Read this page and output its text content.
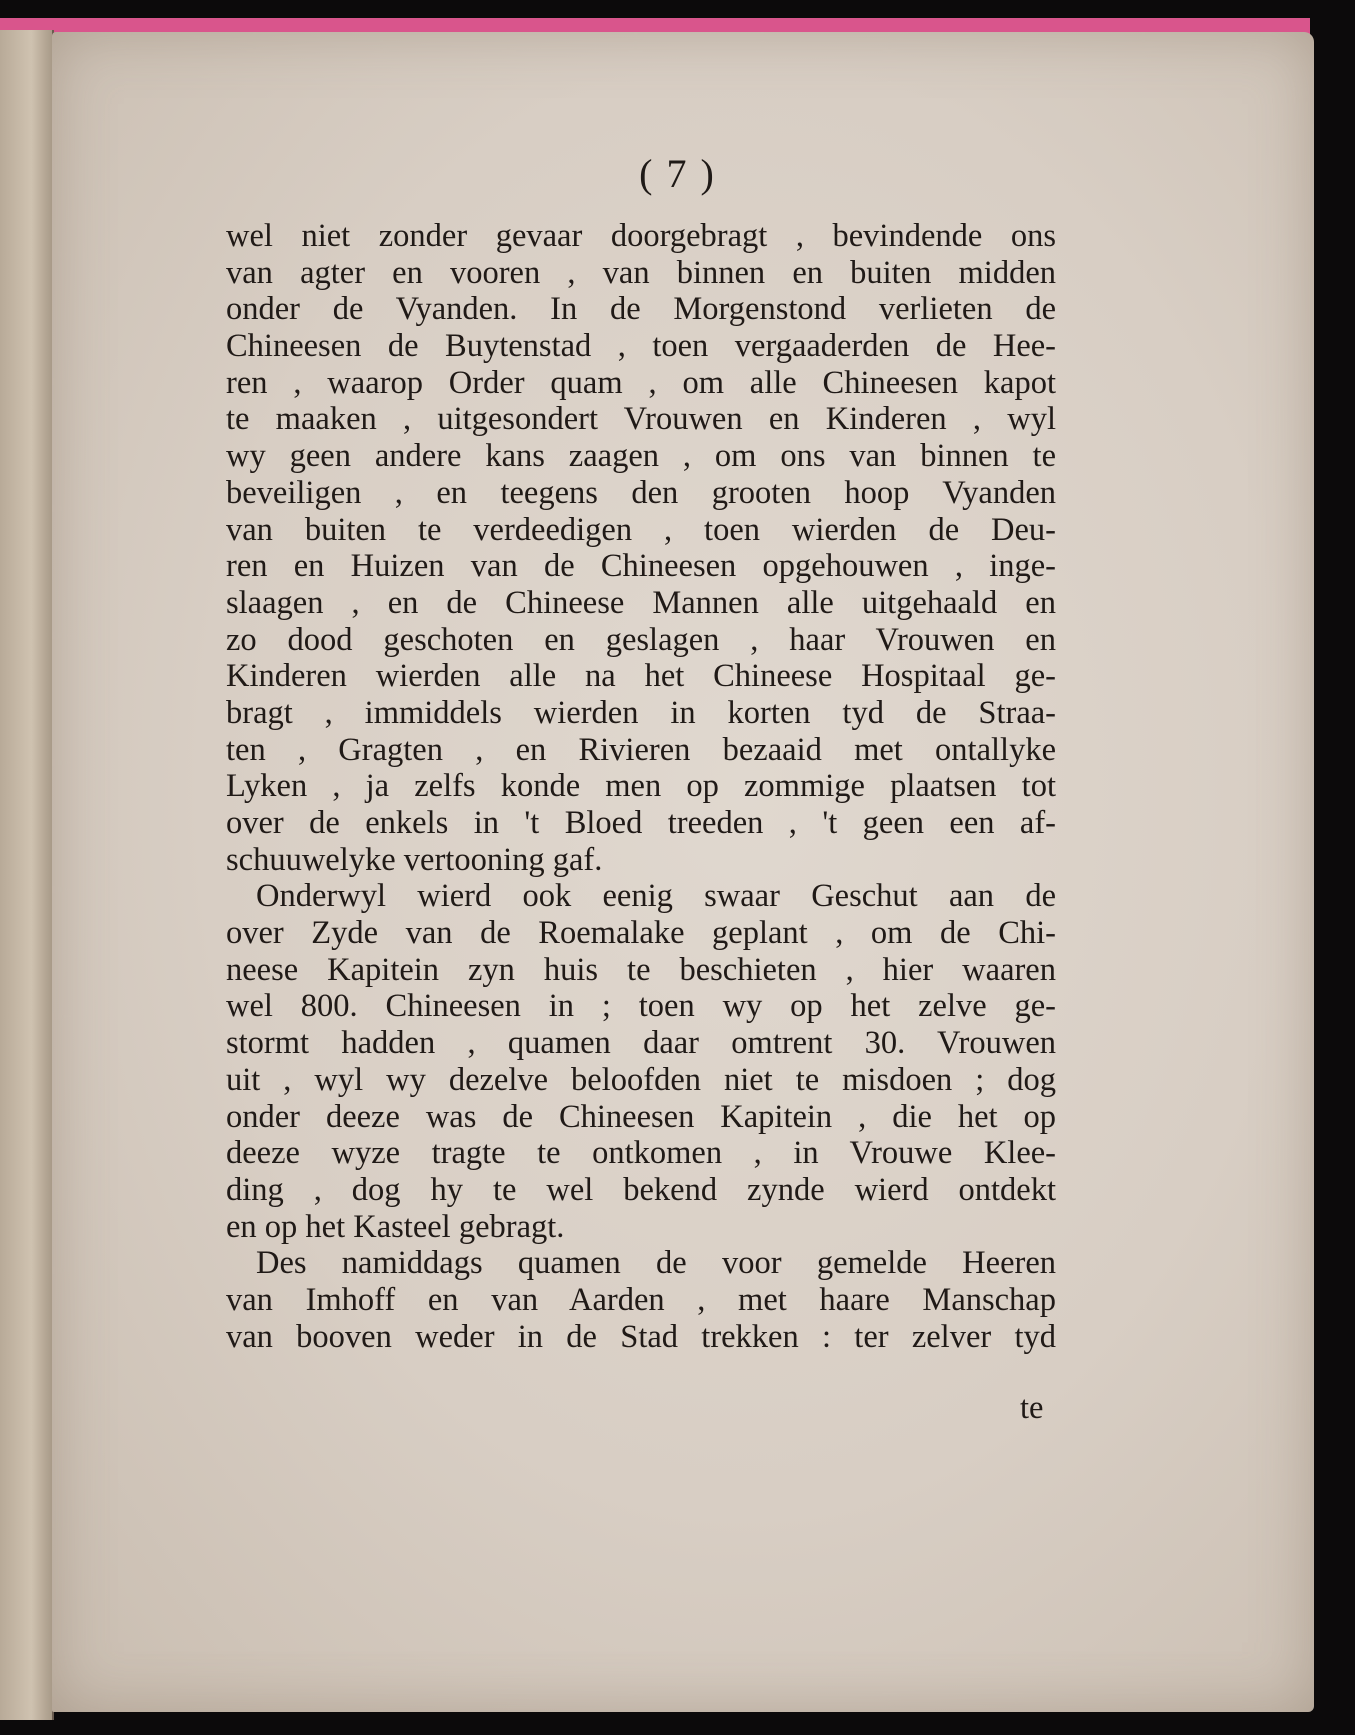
( 7 )
wel niet zonder gevaar doorgebragt , bevindende ons
van agter en vooren , van binnen en buiten midden
onder de Vyanden. In de Morgenstond verlieten de
Chineesen de Buytenstad , toen vergaaderden de Hee-
ren , waarop Order quam , om alle Chineesen kapot
te maaken , uitgesondert Vrouwen en Kinderen , wyl
wy geen andere kans zaagen , om ons van binnen te
beveiligen , en teegens den grooten hoop Vyanden
van buiten te verdeedigen , toen wierden de Deu-
ren en Huizen van de Chineesen opgehouwen , inge-
slaagen , en de Chineese Mannen alle uitgehaald en
zo dood geschoten en geslagen , haar Vrouwen en
Kinderen wierden alle na het Chineese Hospitaal ge-
bragt , immiddels wierden in korten tyd de Straa-
ten , Gragten , en Rivieren bezaaid met ontallyke
Lyken , ja zelfs konde men op zommige plaatsen tot
over de enkels in 't Bloed treeden , 't geen een af-
schuuwelyke vertooning gaf.
Onderwyl wierd ook eenig swaar Geschut aan de
over Zyde van de Roemalake geplant , om de Chi-
neese Kapitein zyn huis te beschieten , hier waaren
wel 800. Chineesen in ; toen wy op het zelve ge-
stormt hadden , quamen daar omtrent 30. Vrouwen
uit , wyl wy dezelve beloofden niet te misdoen ; dog
onder deeze was de Chineesen Kapitein , die het op
deeze wyze tragte te ontkomen , in Vrouwe Klee-
ding , dog hy te wel bekend zynde wierd ontdekt
en op het Kasteel gebragt.
Des namiddags quamen de voor gemelde Heeren
van Imhoff en van Aarden , met haare Manschap
van booven weder in de Stad trekken : ter zelver tyd
te
